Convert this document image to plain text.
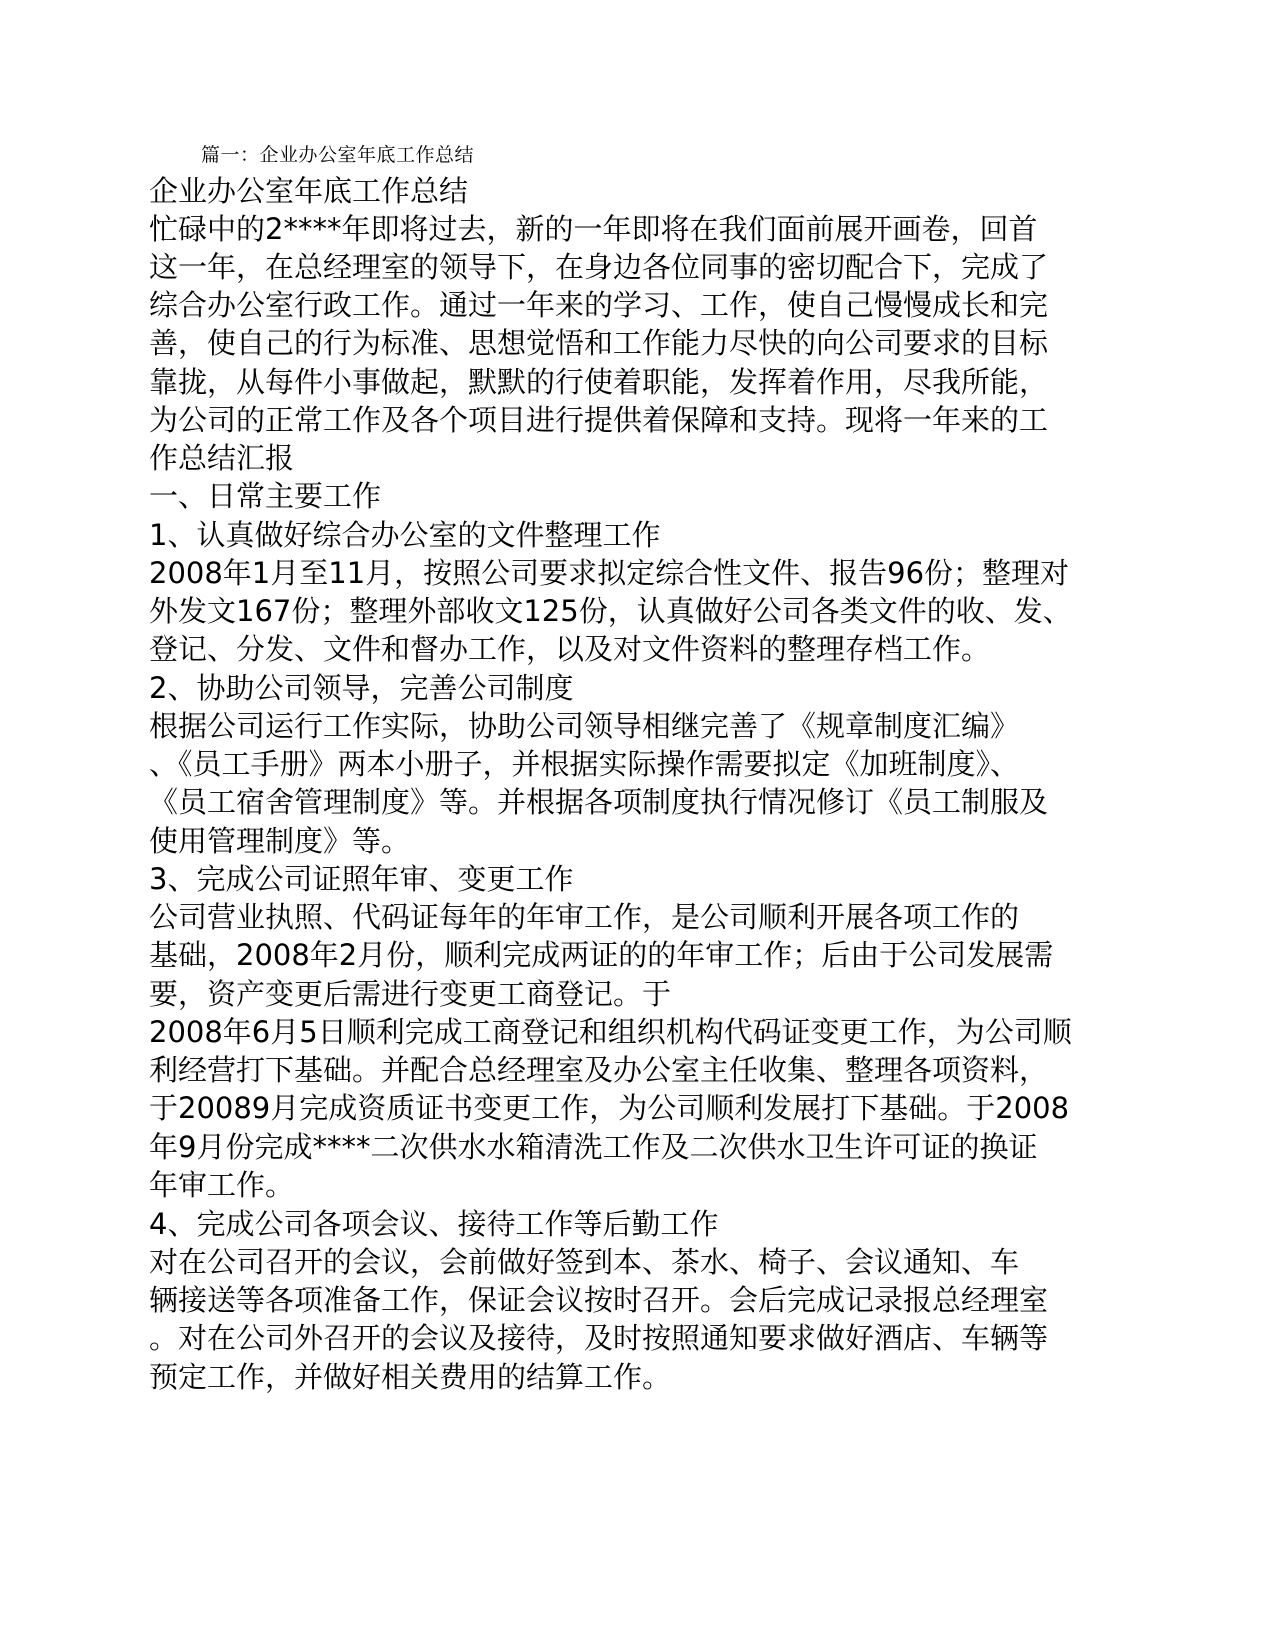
篇一：企业办公室年底工作总结
企业办公室年底工作总结
忙碌中的2****年即将过去，新的一年即将在我们面前展开画卷，回首
这一年，在总经理室的领导下，在身边各位同事的密切配合下，完成了
综合办公室行政工作。通过一年来的学习、工作，使自己慢慢成长和完
善，使自己的行为标准、思想觉悟和工作能力尽快的向公司要求的目标
靠拢，从每件小事做起，默默的行使着职能，发挥着作用，尽我所能，
为公司的正常工作及各个项目进行提供着保障和支持。现将一年来的工
作总结汇报
一、日常主要工作
1、认真做好综合办公室的文件整理工作
2008年1月至11月，按照公司要求拟定综合性文件、报告96份；整理对
外发文167份；整理外部收文125份，认真做好公司各类文件的收、发、
登记、分发、文件和督办工作，以及对文件资料的整理存档工作。
2、协助公司领导，完善公司制度
根据公司运行工作实际，协助公司领导相继完善了《规章制度汇编》
、《员工手册》两本小册子，并根据实际操作需要拟定《加班制度》、
《员工宿舍管理制度》等。并根据各项制度执行情况修订《员工制服及
使用管理制度》等。
3、完成公司证照年审、变更工作
公司营业执照、代码证每年的年审工作，是公司顺利开展各项工作的
基础，2008年2月份，顺利完成两证的的年审工作；后由于公司发展需
要，资产变更后需进行变更工商登记。于
2008年6月5日顺利完成工商登记和组织机构代码证变更工作，为公司顺
利经营打下基础。并配合总经理室及办公室主任收集、整理各项资料，
于20089月完成资质证书变更工作，为公司顺利发展打下基础。于2008
年9月份完成****二次供水水箱清洗工作及二次供水卫生许可证的换证
年审工作。
4、完成公司各项会议、接待工作等后勤工作
对在公司召开的会议，会前做好签到本、茶水、椅子、会议通知、车
辆接送等各项准备工作，保证会议按时召开。会后完成记录报总经理室
。对在公司外召开的会议及接待，及时按照通知要求做好酒店、车辆等
预定工作，并做好相关费用的结算工作。
